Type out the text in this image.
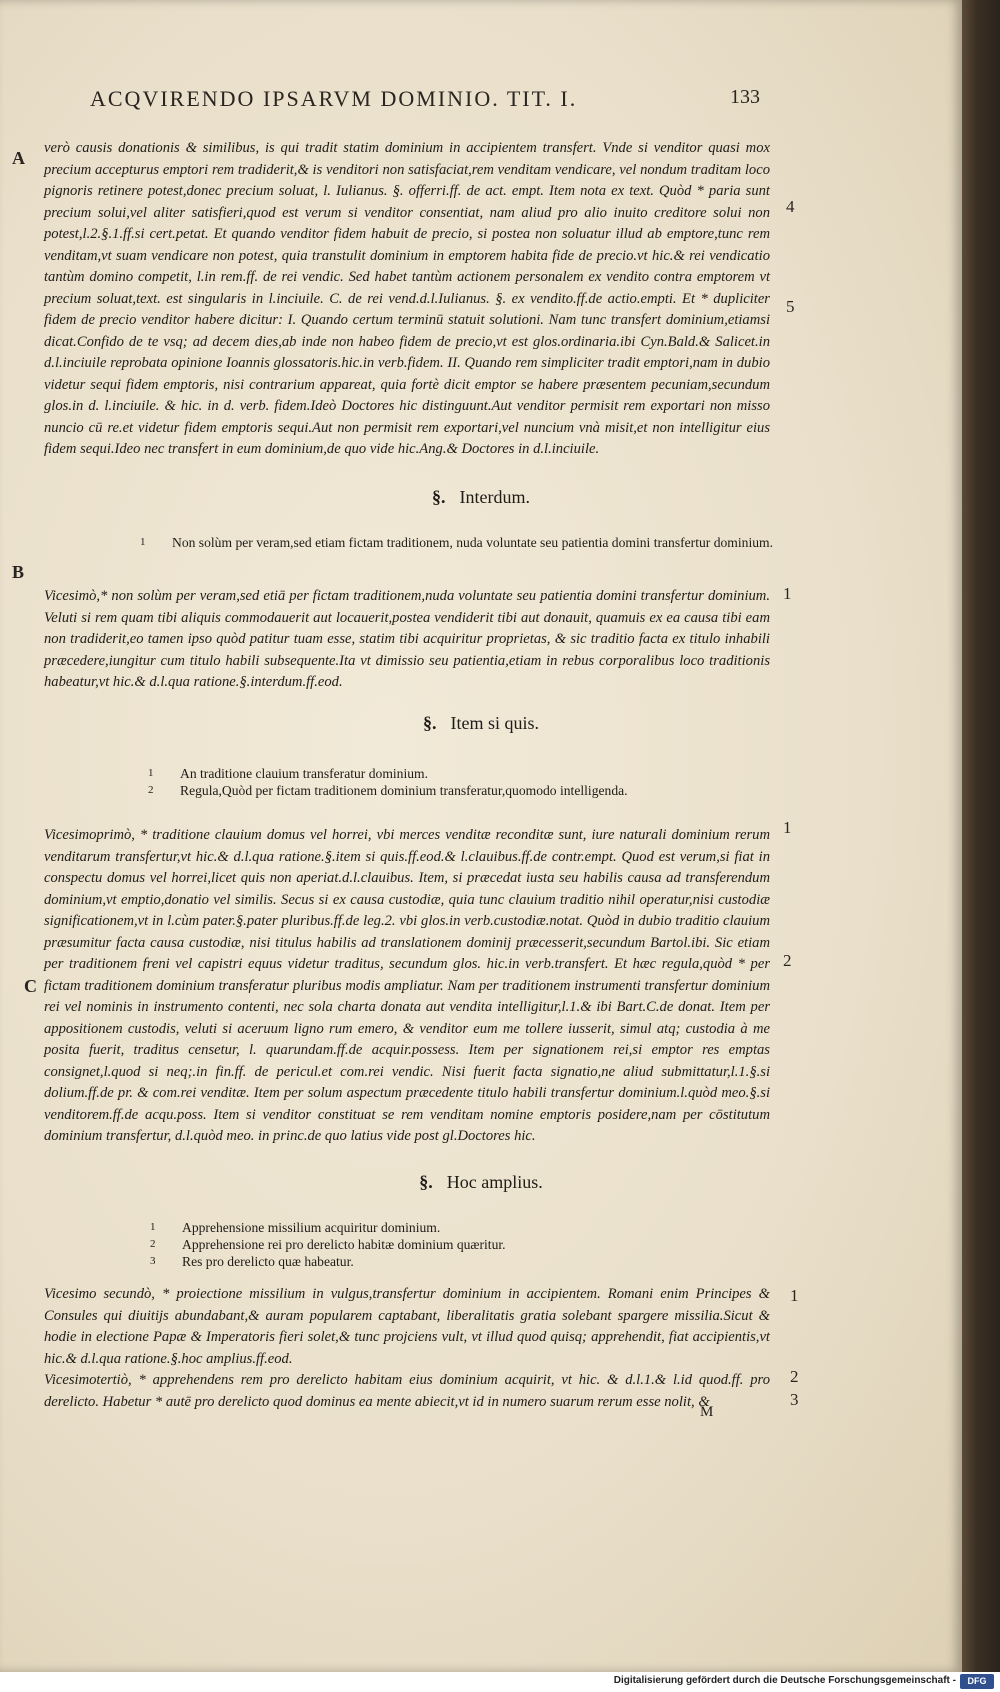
ACQVIRENDO IPSARVM DOMINIO. TIT. I.	133
A
B
C
4
5
1
1
2
1
2
3

verò causis donationis & similibus, is qui tradit statim dominium in accipientem transfert. Vnde si venditor quasi mox precium accepturus emptori rem tradiderit,& is venditori non satisfaciat,rem venditam vendicare, vel nondum traditam loco pignoris retinere potest,donec precium soluat, l. Iulianus. §. offerri.ff. de act. empt. Item nota ex text. Quòd * paria sunt precium solui,vel aliter satisfieri,quod est verum si venditor consentiat, nam aliud pro alio inuito creditore solui non potest,l.2.§.1.ff.si cert.petat. Et quando venditor fidem habuit de precio, si postea non soluatur illud ab emptore,tunc rem venditam,vt suam vendicare non potest, quia transtulit dominium in emptorem habita fide de precio.vt hic.& rei vendicatio tantùm domino competit, l.in rem.ff. de rei vendic. Sed habet tantùm actionem personalem ex vendito contra emptorem vt precium soluat,text. est singularis in l.inciuile. C. de rei vend.d.l.Iulianus. §. ex vendito.ff.de actio.empti. Et * dupliciter fidem de precio venditor habere dicitur: I. Quando certum terminū statuit solutioni. Nam tunc transfert dominium,etiamsi dicat.Confido de te vsq; ad decem dies,ab inde non habeo fidem de precio,vt est glos.ordinaria.ibi Cyn.Bald.& Salicet.in d.l.inciuile reprobata opinione Ioannis glossatoris.hic.in verb.fidem. II. Quando rem simpliciter tradit emptori,nam in dubio videtur sequi fidem emptoris, nisi contrarium appareat, quia fortè dicit emptor se habere præsentem pecuniam,secundum glos.in d. l.inciuile. & hic. in d. verb. fidem.Ideò Doctores hic distinguunt.Aut venditor permisit rem exportari non misso nuncio cū re.et videtur fidem emptoris sequi.Aut non permisit rem exportari,vel nuncium vnà misit,et non intelligitur eius fidem sequi.Ideo nec transfert in eum dominium,de quo vide hic.Ang.& Doctores in d.l.inciuile.

§. Interdum.
1	Non solùm per veram,sed etiam fictam traditionem, nuda voluntate seu patientia domini transfertur dominium.

Vicesimò,* non solùm per veram,sed etiā per fictam traditionem,nuda voluntate seu patientia domini transfertur dominium. Veluti si rem quam tibi aliquis commodauerit aut locauerit,postea vendiderit tibi aut donauit, quamuis ex ea causa tibi eam non tradiderit,eo tamen ipso quòd patitur tuam esse, statim tibi acquiritur proprietas, & sic traditio facta ex titulo inhabili præcedere,iungitur cum titulo habili subsequente.Ita vt dimissio seu patientia,etiam in rebus corporalibus loco traditionis habeatur,vt hic.& d.l.qua ratione.§.interdum.ff.eod.

§. Item si quis.
1	An traditione clauium transferatur dominium.
2	Regula,Quòd per fictam traditionem dominium transferatur,quomodo intelligenda.

Vicesimoprimò, * traditione clauium domus vel horrei, vbi merces venditæ reconditæ sunt, iure naturali dominium rerum venditarum transfertur,vt hic.& d.l.qua ratione.§.item si quis.ff.eod.& l.clauibus.ff.de contr.empt. Quod est verum,si fiat in conspectu domus vel horrei,licet quis non aperiat.d.l.clauibus. Item, si præcedat iusta seu habilis causa ad transferendum dominium,vt emptio,donatio vel similis. Secus si ex causa custodiæ, quia tunc clauium traditio nihil operatur,nisi custodiæ significationem,vt in l.cùm pater.§.pater pluribus.ff.de leg.2. vbi glos.in verb.custodiæ.notat. Quòd in dubio traditio clauium præsumitur facta causa custodiæ, nisi titulus habilis ad translationem dominij præcesserit,secundum Bartol.ibi. Sic etiam per traditionem freni vel capistri equus videtur traditus, secundum glos. hic.in verb.transfert. Et hæc regula,quòd * per fictam traditionem dominium transferatur pluribus modis ampliatur. Nam per traditionem instrumenti transfertur dominium rei vel nominis in instrumento contenti, nec sola charta donata aut vendita intelligitur,l.1.& ibi Bart.C.de donat. Item per appositionem custodis, veluti si aceruum ligno rum emero, & venditor eum me tollere iusserit, simul atq; custodia à me posita fuerit, traditus censetur, l. quarundam.ff.de acquir.possess. Item per signationem rei,si emptor res emptas consignet,l.quod si neq;.in fin.ff. de pericul.et com.rei vendic. Nisi fuerit facta signatio,ne aliud submittatur,l.1.§.si dolium.ff.de pr. & com.rei venditæ. Item per solum aspectum præcedente titulo habili transfertur dominium.l.quòd meo.§.si venditorem.ff.de acqu.poss. Item si venditor constituat se rem venditam nomine emptoris posidere,nam per cōstitutum dominium transfertur, d.l.quòd meo. in princ.de quo latius vide post gl.Doctores hic.

§. Hoc amplius.
1	Apprehensione missilium acquiritur dominium.
2	Apprehensione rei pro derelicto habitæ dominium quæritur.
3	Res pro derelicto quæ habeatur.

Vicesimo secundò, * proiectione missilium in vulgus,transfertur dominium in accipientem. Romani enim Principes & Consules qui diuitijs abundabant,& auram popularem captabant, liberalitatis gratia solebant spargere missilia.Sicut & hodie in electione Papæ & Imperatoris fieri solet,& tunc projciens vult, vt illud quod quisq; apprehendit, fiat accipientis,vt hic.& d.l.qua ratione.§.hoc amplius.ff.eod.

Vicesimotertiò, * apprehendens rem pro derelicto habitam eius dominium acquirit, vt hic. & d.l.1.& l.id quod.ff. pro derelicto. Habetur * autē pro derelicto quod dominus ea mente abiecit,vt id in numero suarum rerum esse nolit, &

M
Digitalisierung gefördert durch die Deutsche Forschungsgemeinschaft -	DFG
